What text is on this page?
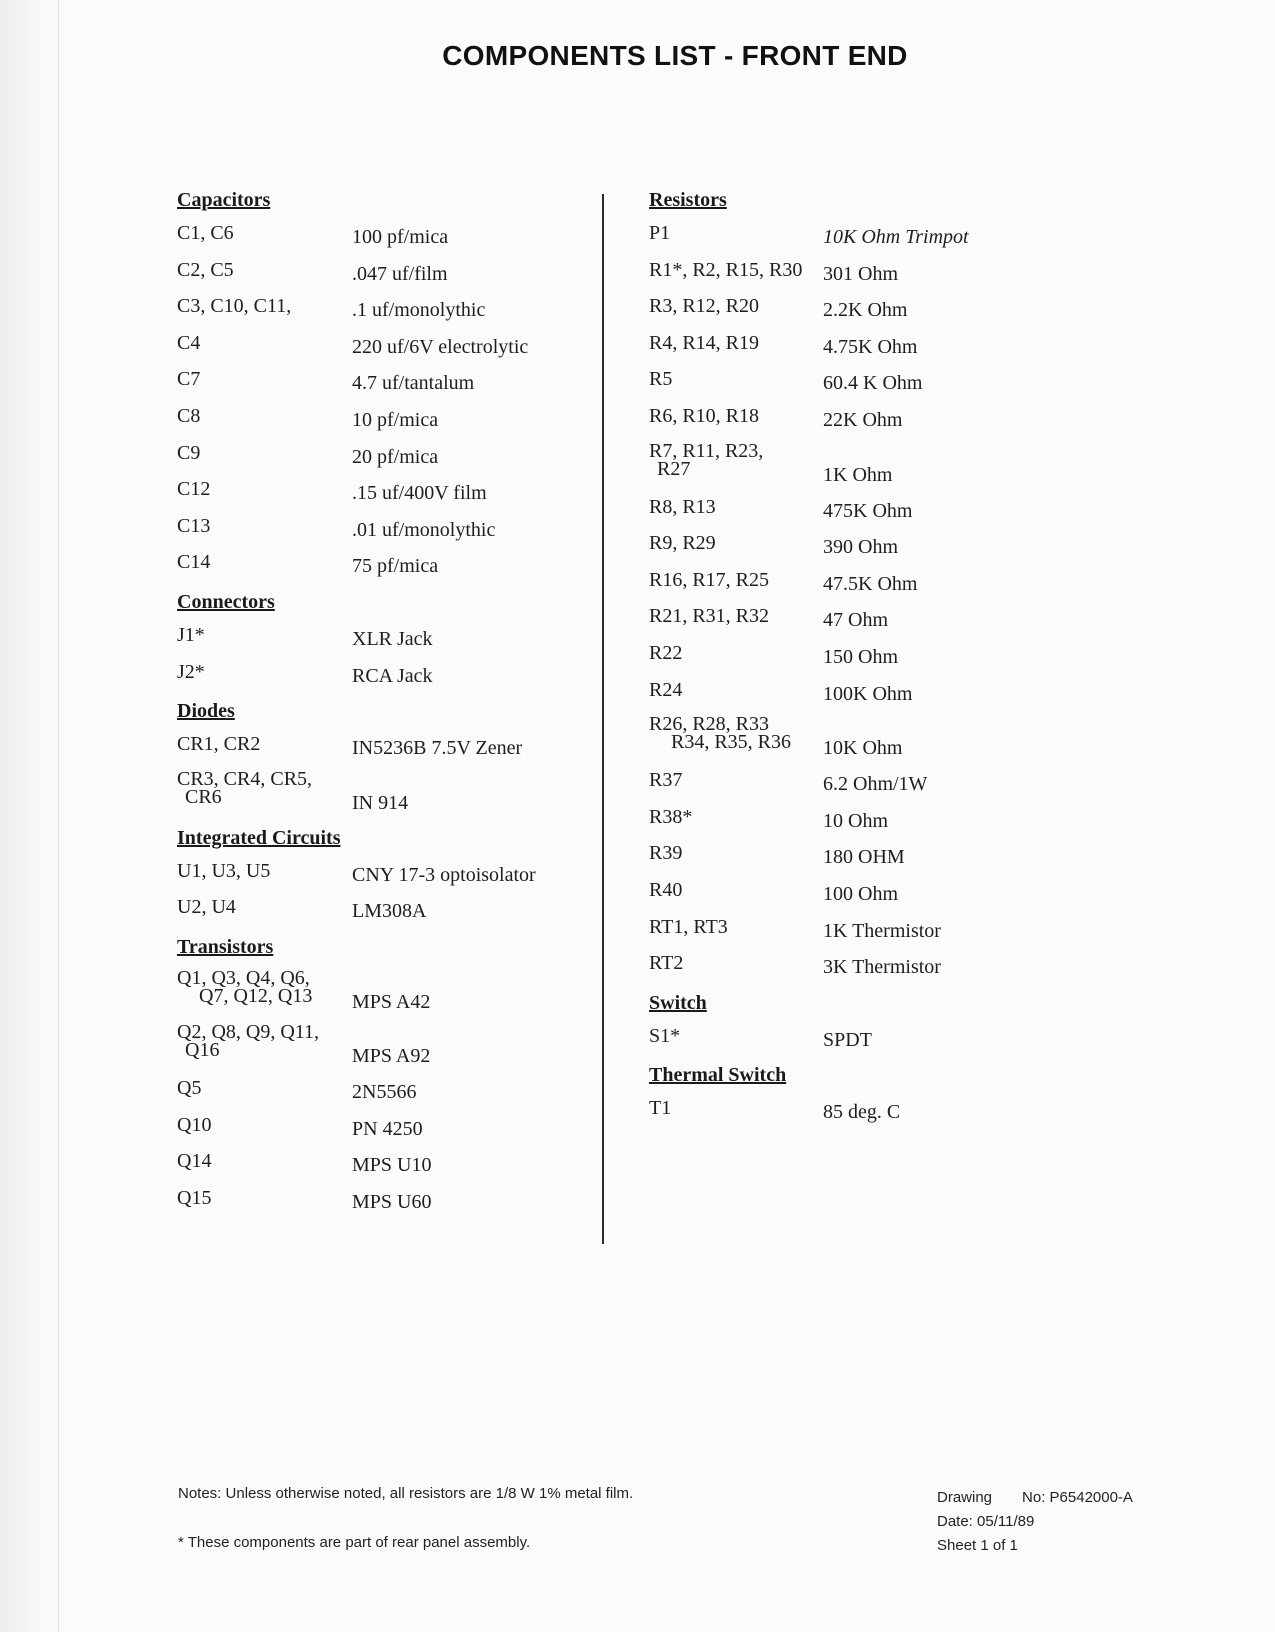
COMPONENTS LIST - FRONT END
Capacitors
C1, C6	100 pf/mica
C2, C5	.047 uf/film
C3, C10, C11,	.1 uf/monolythic
C4	220 uf/6V electrolytic
C7	4.7 uf/tantalum
C8	10 pf/mica
C9	20 pf/mica
C12	.15 uf/400V film
C13	.01 uf/monolythic
C14	75 pf/mica
Connectors
J1*	XLR Jack
J2*	RCA Jack
Diodes
CR1, CR2	IN5236B 7.5V Zener
CR3, CR4, CR5,

CR6	IN 914
Integrated Circuits
U1, U3, U5	CNY 17-3 optoisolator
U2, U4	LM308A
Transistors
Q1, Q3, Q4, Q6,

Q7, Q12, Q13	MPS A42
Q2, Q8, Q9, Q11,

Q16	MPS A92
Q5	2N5566
Q10	PN 4250
Q14	MPS U10
Q15	MPS U60
Resistors
P1	10K Ohm Trimpot
R1*, R2, R15, R30	301 Ohm
R3, R12, R20	2.2K Ohm
R4, R14, R19	4.75K Ohm
R5	60.4 K Ohm
R6, R10, R18	22K Ohm
R7, R11, R23,

R27	1K Ohm
R8, R13	475K Ohm
R9, R29	390 Ohm
R16, R17, R25	47.5K Ohm
R21, R31, R32	47 Ohm
R22	150 Ohm
R24	100K Ohm
R26, R28, R33

R34, R35, R36	10K Ohm
R37	6.2 Ohm/1W
R38*	10 Ohm
R39	180 OHM
R40	100 Ohm
RT1, RT3	1K Thermistor
RT2	3K Thermistor
Switch
S1*	SPDT
Thermal Switch
T1	85 deg. C
Notes: Unless otherwise noted, all resistors are 1/8 W 1% metal film.
* These components are part of rear panel assembly.
Drawing No: P6542000-A
Date: 05/11/89
Sheet 1 of 1
